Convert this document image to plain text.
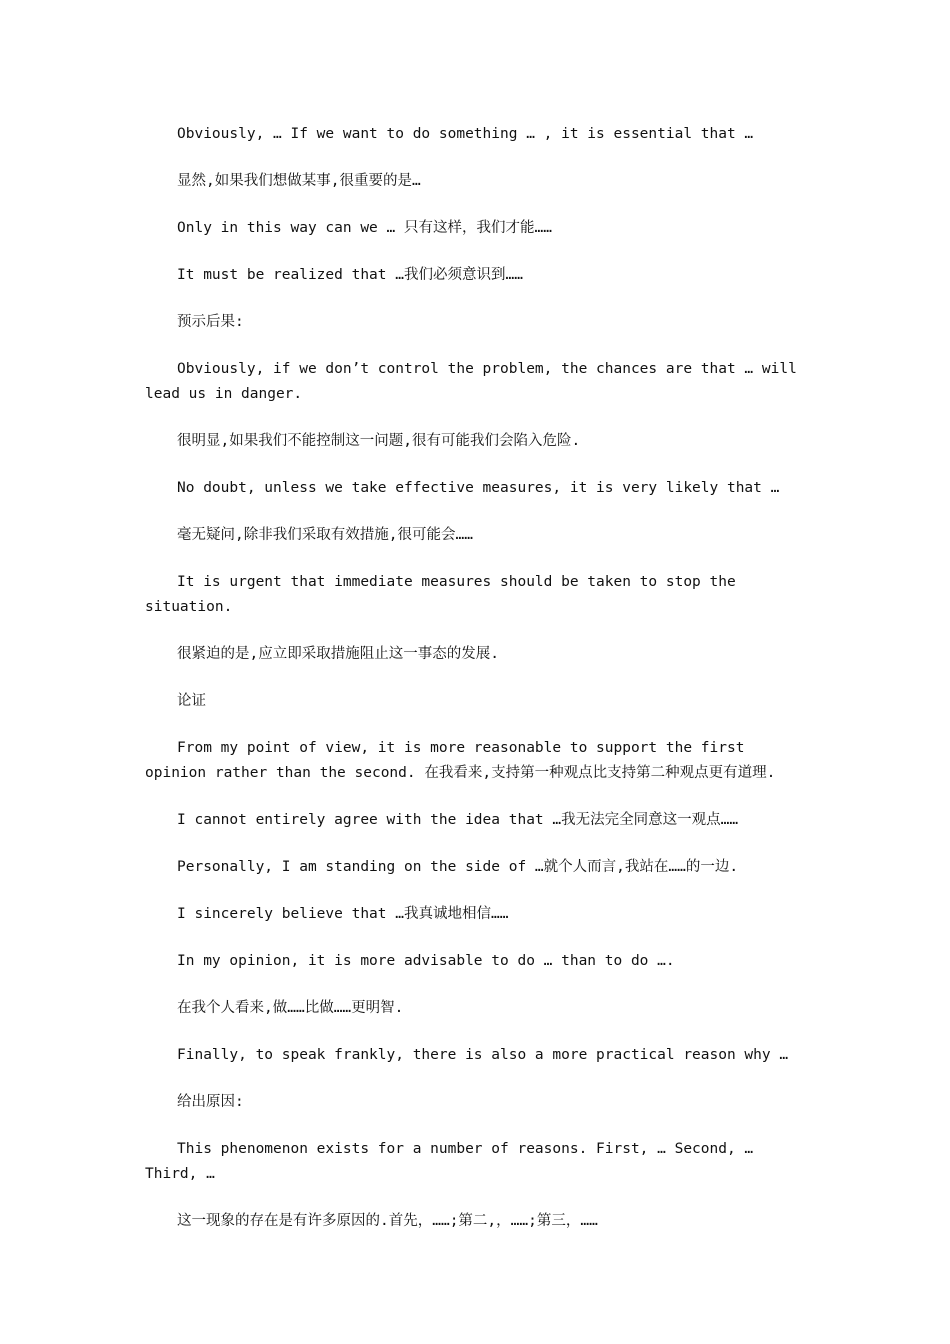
Obviously, … If we want to do something … , it is essential that …

显然,如果我们想做某事,很重要的是…

Only in this way can we … 只有这样，我们才能……

It must be realized that …我们必须意识到……

预示后果:

Obviously, if we don’t control the problem, the chances are that … will lead us in danger.

很明显,如果我们不能控制这一问题,很有可能我们会陷入危险.

No doubt, unless we take effective measures, it is very likely that …

毫无疑问,除非我们采取有效措施,很可能会……

It is urgent that immediate measures should be taken to stop the situation.

很紧迫的是,应立即采取措施阻止这一事态的发展.

论证

From my point of view, it is more reasonable to support the first opinion rather than the second. 在我看来,支持第一种观点比支持第二种观点更有道理.

I cannot entirely agree with the idea that …我无法完全同意这一观点……

Personally, I am standing on the side of …就个人而言,我站在……的一边.

I sincerely believe that …我真诚地相信……

In my opinion, it is more advisable to do … than to do ….

在我个人看来,做……比做……更明智.

Finally, to speak frankly, there is also a more practical reason why …

给出原因:

This phenomenon exists for a number of reasons. First, … Second, … Third, …

这一现象的存在是有许多原因的.首先，……;第二,，……;第三，……
